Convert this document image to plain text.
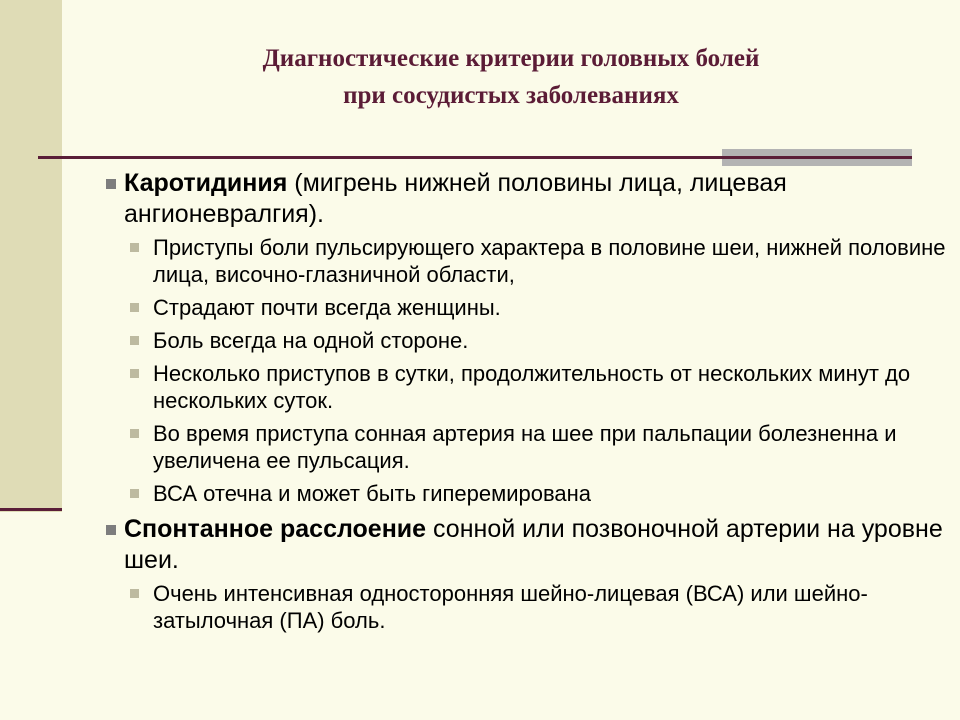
Диагностические критерии головных болей
при сосудистых заболеваниях
Каротидиния (мигрень нижней половины лица, лицевая ангионевралгия).
Приступы боли пульсирующего характера в половине шеи, нижней половине лица, височно-глазничной области,
Страдают почти всегда женщины.
Боль всегда на одной стороне.
Несколько приступов в сутки, продолжительность от нескольких минут до нескольких суток.
Во время приступа сонная артерия на шее при пальпации болезненна и увеличена ее пульсация.
ВСА отечна и может быть гиперемирована
Спонтанное расслоение сонной или позвоночной артерии на уровне шеи.
Очень интенсивная односторонняя шейно-лицевая (ВСА) или шейно-затылочная (ПА) боль.
